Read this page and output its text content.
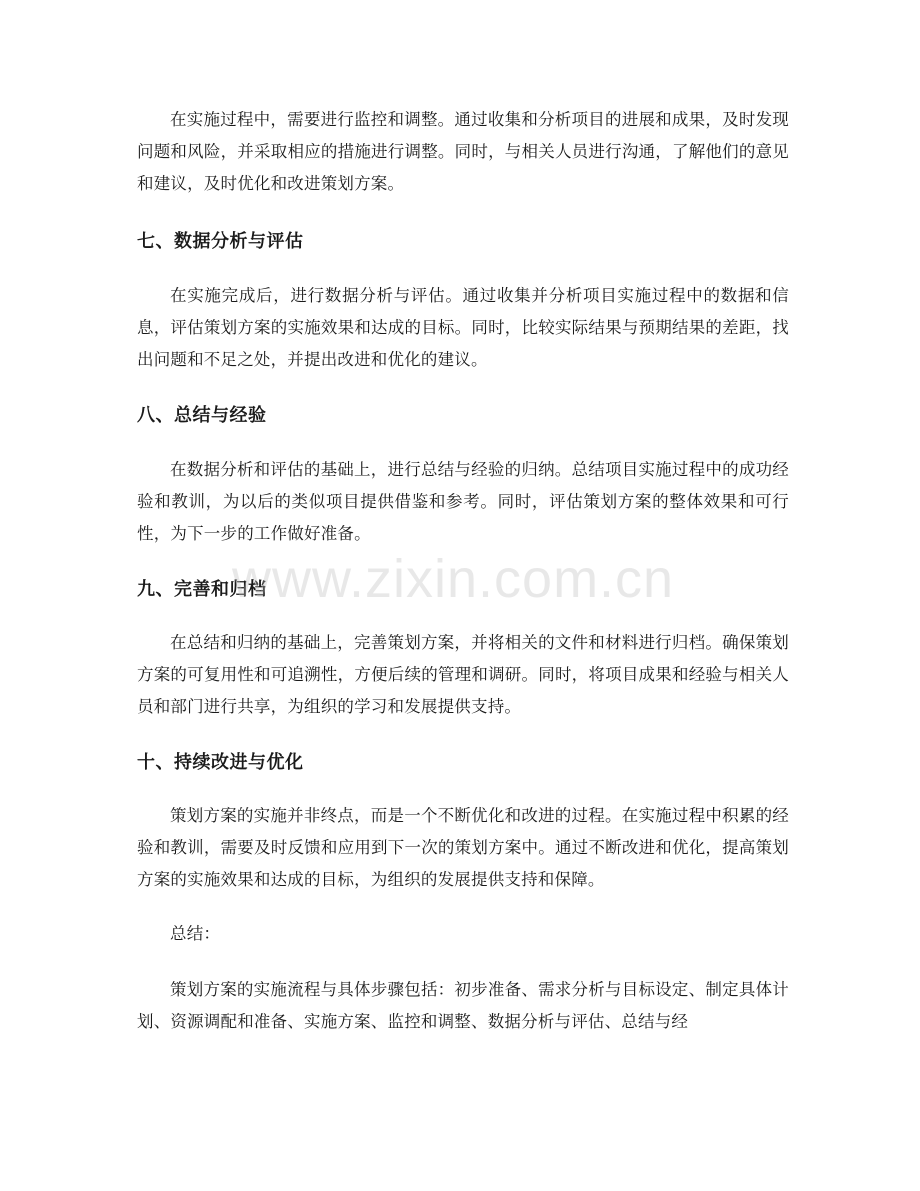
在实施过程中，需要进行监控和调整。通过收集和分析项目的进展和成果，及时发现问题和风险，并采取相应的措施进行调整。同时，与相关人员进行沟通，了解他们的意见和建议，及时优化和改进策划方案。

七、数据分析与评估

在实施完成后，进行数据分析与评估。通过收集并分析项目实施过程中的数据和信息，评估策划方案的实施效果和达成的目标。同时，比较实际结果与预期结果的差距，找出问题和不足之处，并提出改进和优化的建议。

八、总结与经验

在数据分析和评估的基础上，进行总结与经验的归纳。总结项目实施过程中的成功经验和教训，为以后的类似项目提供借鉴和参考。同时，评估策划方案的整体效果和可行性，为下一步的工作做好准备。

九、完善和归档

在总结和归纳的基础上，完善策划方案，并将相关的文件和材料进行归档。确保策划方案的可复用性和可追溯性，方便后续的管理和调研。同时，将项目成果和经验与相关人员和部门进行共享，为组织的学习和发展提供支持。

十、持续改进与优化

策划方案的实施并非终点，而是一个不断优化和改进的过程。在实施过程中积累的经验和教训，需要及时反馈和应用到下一次的策划方案中。通过不断改进和优化，提高策划方案的实施效果和达成的目标，为组织的发展提供支持和保障。

总结：

策划方案的实施流程与具体步骤包括：初步准备、需求分析与目标设定、制定具体计划、资源调配和准备、实施方案、监控和调整、数据分析与评估、总结与经

www.zixin.com.cn
